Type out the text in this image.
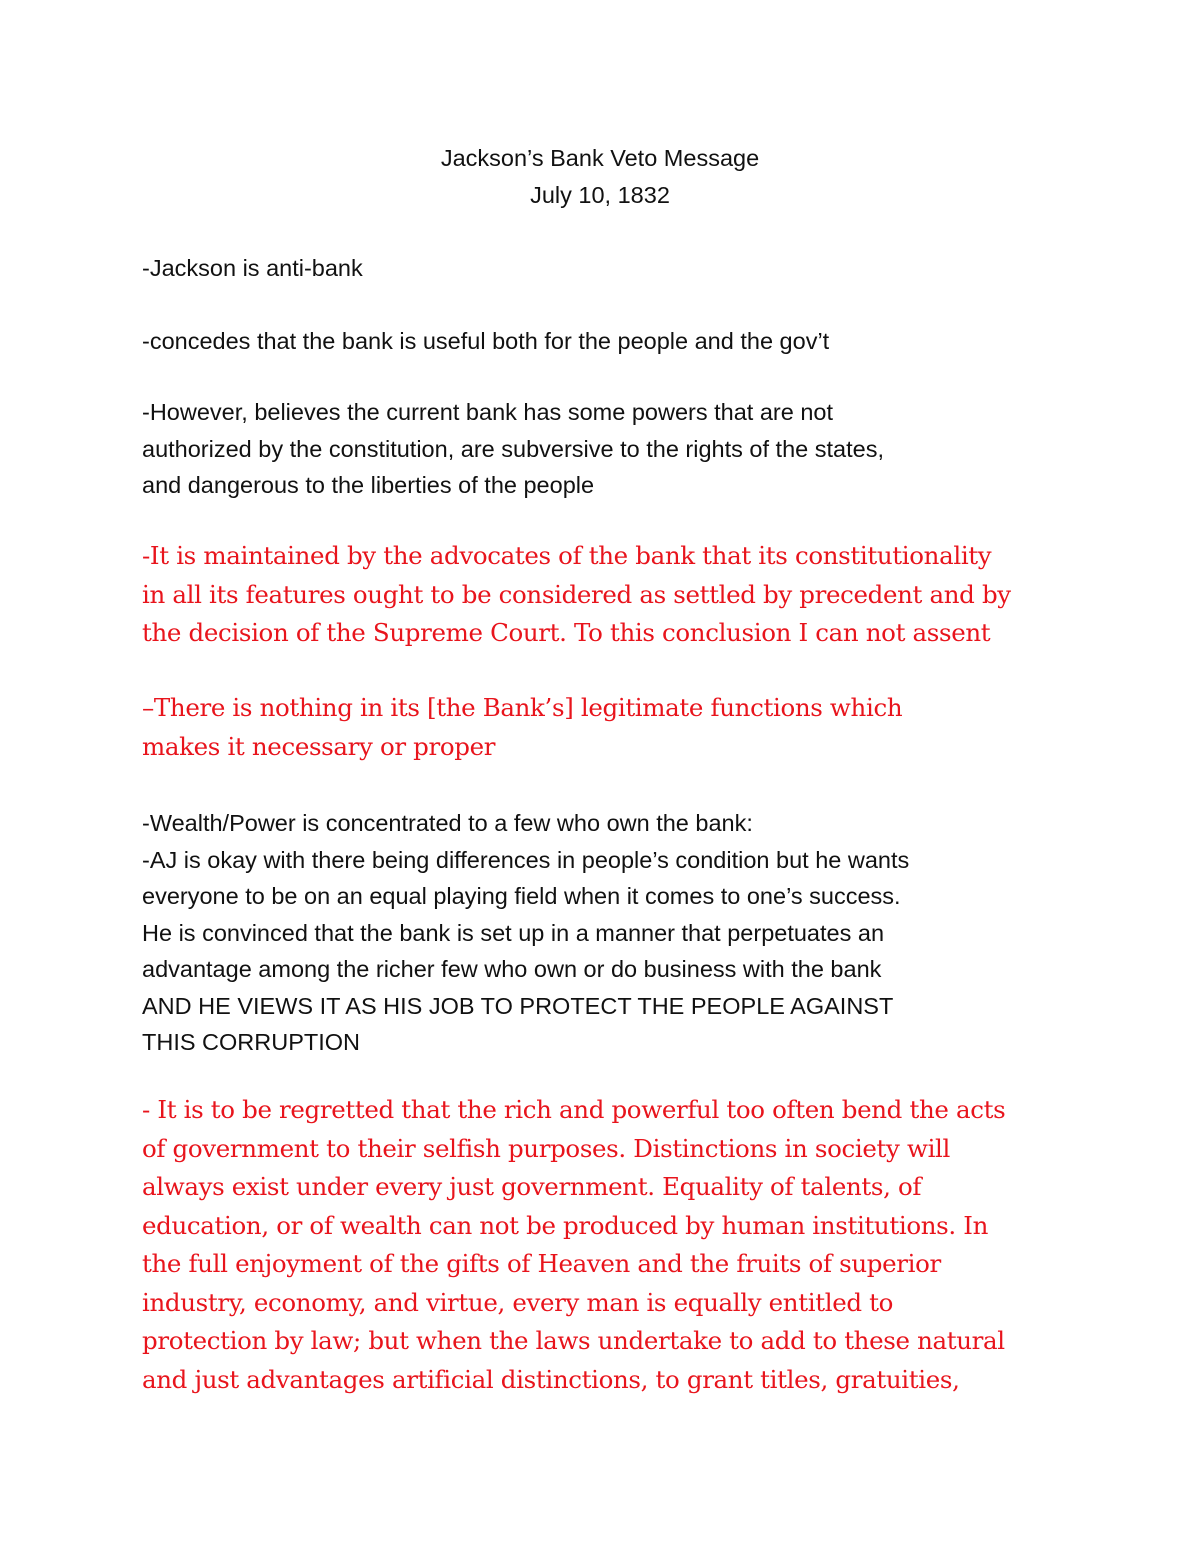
Jackson’s Bank Veto Message
July 10, 1832

-Jackson is anti-bank

-concedes that the bank is useful both for the people and the gov’t

-However, believes the current bank has some powers that are not
authorized by the constitution, are subversive to the rights of the states,
and dangerous to the liberties of the people

-It is maintained by the advocates of the bank that its constitutionality
in all its features ought to be considered as settled by precedent and by
the decision of the Supreme Court. To this conclusion I can not assent

–There is nothing in its [the Bank’s] legitimate functions which
makes it necessary or proper

-Wealth/Power is concentrated to a few who own the bank:
-AJ is okay with there being differences in people’s condition but he wants
everyone to be on an equal playing field when it comes to one’s success.
He is convinced that the bank is set up in a manner that perpetuates an
advantage among the richer few who own or do business with the bank
AND HE VIEWS IT AS HIS JOB TO PROTECT THE PEOPLE AGAINST
THIS CORRUPTION

- It is to be regretted that the rich and powerful too often bend the acts
of government to their selfish purposes. Distinctions in society will
always exist under every just government. Equality of talents, of
education, or of wealth can not be produced by human institutions. In
the full enjoyment of the gifts of Heaven and the fruits of superior
industry, economy, and virtue, every man is equally entitled to
protection by law; but when the laws undertake to add to these natural
and just advantages artificial distinctions, to grant titles, gratuities,
